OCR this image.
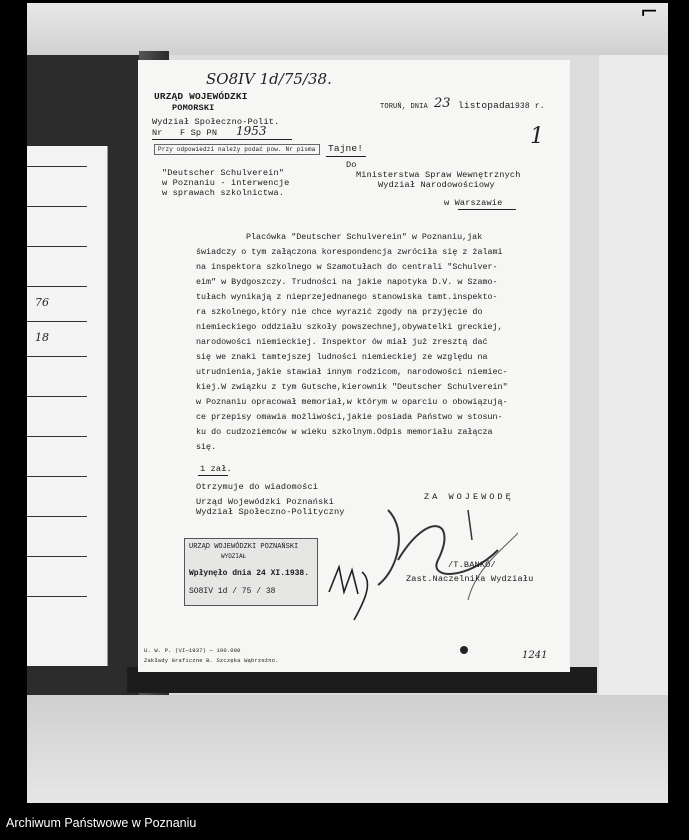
76
18
SO8IV 1d/75/38.
URZĄD WOJEWÓDZKI
POMORSKI
Wydział Społeczno-Polit.
Nr F Sp PN 1953
Przy odpowiedzi należy podać pow. Nr pisma
TORUŃ, DNIA 23 listopada 1938 r.
1
Tajne!
Do
Ministerstwa Spraw Wewnętrznych
Wydział Narodowościowy
w Warszawie
"Deutscher Schulverein"
w Poznaniu - interwencje
w sprawach szkolnictwa.
Placówka "Deutscher Schulverein" w Poznaniu,jak
świadczy o tym załączona korespondencja zwróciła się z żalami
na inspektora szkolnego w Szamotułach do centrali "Schulver-
eim" w Bydgoszczy. Trudności na jakie napotyka D.V. w Szamo-
tułach wynikają z nieprzejednanego stanowiska tamt.inspekto-
ra szkolnego,który nie chce wyrazić zgody na przyjęcie do
niemieckiego oddziału szkoły powszechnej,obywatelki greckiej,
narodowości niemieckiej. Inspektor ów miał już zresztą dać
się we znaki tamtejszej ludności niemieckiej ze względu na
utrudnienia,jakie stawiał innym rodzicom, narodowości niemiec-
kiej.W związku z tym Gutsche,kierownik "Deutscher Schulverein"
w Poznaniu opracował memoriał,w którym w oparciu o obowiązują-
ce przepisy omawia możliwości,jakie posiada Państwo w stosun-
ku do cudzoziemców w wieku szkolnym.Odpis memoriału załącza
się.
1 zał.
Otrzymuje do wiadomości
Urząd Wojewódzki Poznański
Wydział Społeczno-Polityczny
ZA WOJEWODĘ
/T.BANKÓ/
Zast.Naczelnika Wydziału
URZĄD WOJEWÓDZKI POZNAŃSKI
WYDZIAŁ
Wpłynęło dnia 24 XI.1938.
SO8IV 1d / 75 / 38
U. W. P. (VI—1937) — 100.000
Zakłady Graficzne B. Szczęka Wąbrzeźno.	1241
⌐
Archiwum Państwowe w Poznaniu
